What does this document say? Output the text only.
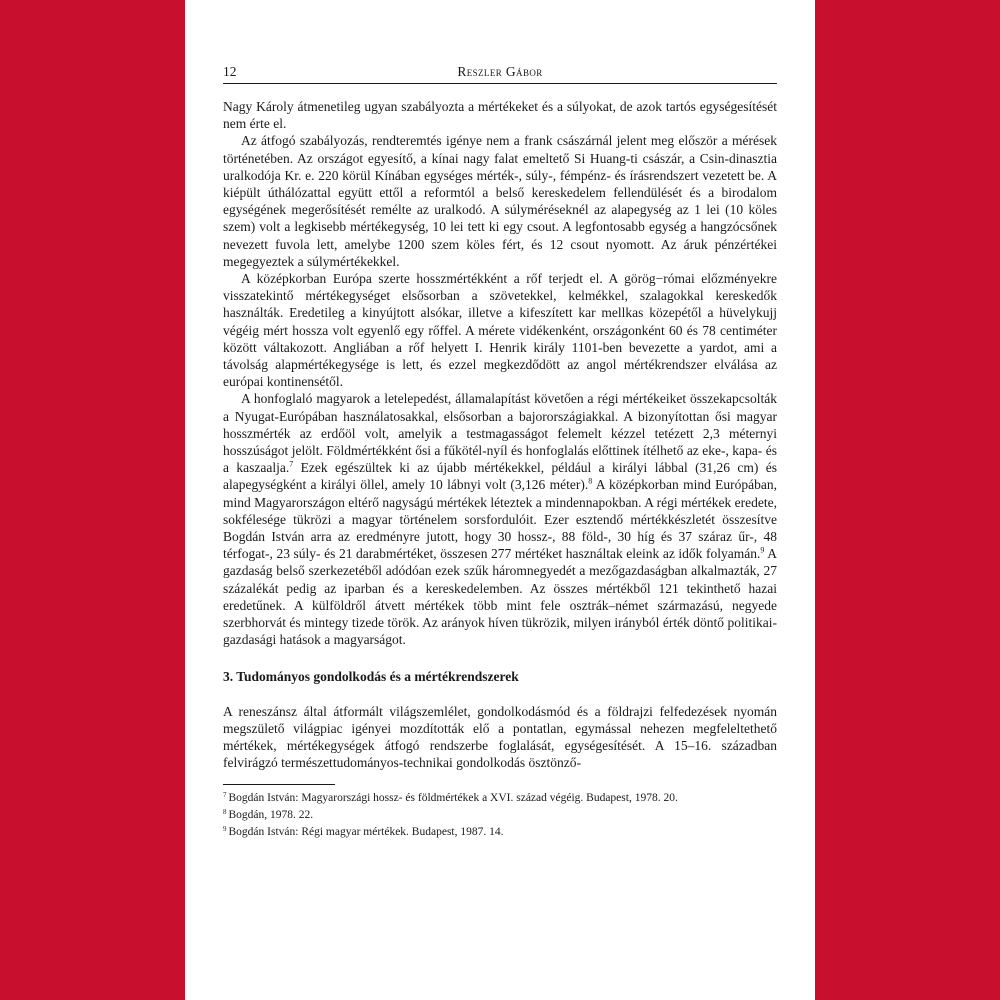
12	Reszler Gábor

Nagy Károly átmenetileg ugyan szabályozta a mértékeket és a súlyokat, de azok tartós egységesítését nem érte el.

Az átfogó szabályozás, rendteremtés igénye nem a frank császárnál jelent meg először a mérések történetében. Az országot egyesítő, a kínai nagy falat emeltető Si Huang-ti császár, a Csin-dinasztia uralkodója Kr. e. 220 körül Kínában egységes mérték-, súly-, fémpénz- és írásrendszert vezetett be. A kiépült úthálózattal együtt ettől a reformtól a belső kereskedelem fellendülését és a birodalom egységének megerősítését remélte az uralkodó. A súlyméréseknél az alapegység az 1 lei (10 köles szem) volt a legkisebb mértékegység, 10 lei tett ki egy csout. A legfontosabb egység a hangzócsőnek nevezett fuvola lett, amelybe 1200 szem köles fért, és 12 csout nyomott. Az áruk pénzértékei megegyeztek a súlymértékekkel.

A középkorban Európa szerte hosszmértékként a rőf terjedt el. A görög−római előzményekre visszatekintő mértékegységet elsősorban a szövetekkel, kelmékkel, szalagokkal kereskedők használták. Eredetileg a kinyújtott alsókar, illetve a kifeszített kar mellkas közepétől a hüvelykujj végéig mért hossza volt egyenlő egy rőffel. A mérete vidékenként, országonként 60 és 78 centiméter között váltakozott. Angliában a rőf helyett I. Henrik király 1101-ben bevezette a yardot, ami a távolság alapmértékegysége is lett, és ezzel megkezdődött az angol mértékrendszer elválása az európai kontinensétől.

A honfoglaló magyarok a letelepedést, államalapítást követően a régi mértékeiket összekapcsolták a Nyugat-Európában használatosakkal, elsősorban a bajorországiakkal. A bizonyítottan ősi magyar hosszmérték az erdőöl volt, amelyik a testmagasságot felemelt kézzel tetézett 2,3 méternyi hosszúságot jelölt. Földmértékként ősi a fűkötél-nyíl és honfoglalás előttinek ítélhető az eke-, kapa- és a kaszaalja.$^7$ Ezek egészültek ki az újabb mértékekkel, például a királyi lábbal (31,26 cm) és alapegységként a királyi öllel, amely 10 lábnyi volt (3,126 méter).$^8$ A középkorban mind Európában, mind Magyarországon eltérő nagyságú mértékek léteztek a mindennapokban. A régi mértékek eredete, sokfélesége tükrözi a magyar történelem sorsfordulóit. Ezer esztendő mértékkészletét összesítve Bogdán István arra az eredményre jutott, hogy 30 hossz-, 88 föld-, 30 híg és 37 száraz űr-, 48 térfogat-, 23 súly- és 21 darabmértéket, összesen 277 mértéket használtak eleink az idők folyamán.$^9$ A gazdaság belső szerkezetéből adódóan ezek szűk háromnegyedét a mezőgazdaságban alkalmazták, 27 százalékát pedig az iparban és a kereskedelemben. Az összes mértékből 121 tekinthető hazai eredetűnek. A külföldről átvett mértékek több mint fele osztrák–német származású, negyede szerbhorvát és mintegy tizede török. Az arányok híven tükrözik, milyen irányból érték döntő politikai-gazdasági hatások a magyarságot.

3. Tudományos gondolkodás és a mértékrendszerek

A reneszánsz által átformált világszemlélet, gondolkodásmód és a földrajzi felfedezések nyomán megszülető világpiac igényei mozdították elő a pontatlan, egymással nehezen megfeleltethető mértékek, mértékegységek átfogó rendszerbe foglalását, egységesítését. A 15–16. században felvirágzó természettudományos-technikai gondolkodás ösztönző-

$^7$ Bogdán István: Magyarországi hossz- és földmértékek a XVI. század végéig. Budapest, 1978. 20.
$^8$ Bogdán, 1978. 22.
$^9$ Bogdán István: Régi magyar mértékek. Budapest, 1987. 14.
